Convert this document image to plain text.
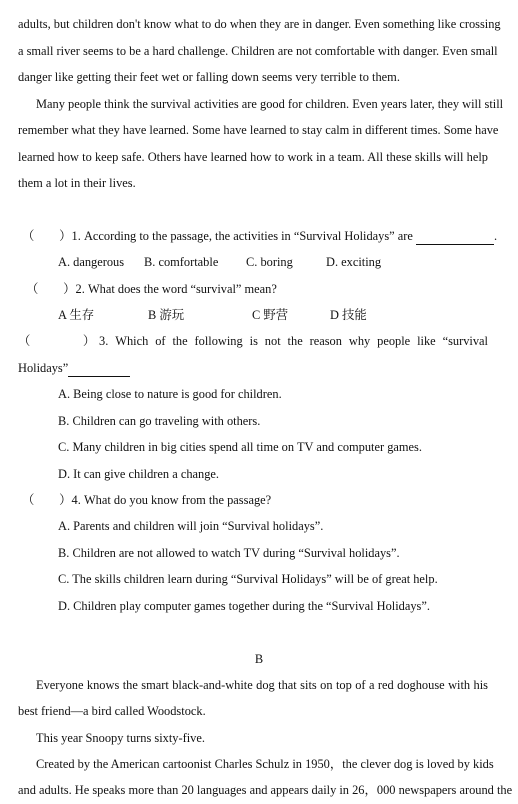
adults, but children don't know what to do when they are in danger. Even something like crossing
a small river seems to be a hard challenge. Children are not comfortable with danger. Even small
danger like getting their feet wet or falling down seems very terrible to them.
Many people think the survival activities are good for children. Even years later, they will still
remember what they have learned. Some have learned to stay calm in different times. Some have
learned how to keep safe. Others have learned how to work in a team. All these skills will help
them a lot in their lives.
（　　）1. According to the passage, the activities in “Survival Holidays” are	.
A. dangerous B. comfortable C. boring	D. exciting
（　　）2. What does the word “survival” mean?
A 生存	B 游玩	C 野营	D 技能
（　　　）3. Which of the following is not the reason why people like “survival
Holidays”
A. Being close to nature is good for children.
B. Children can go traveling with others.
C. Many children in big cities spend all time on TV and computer games.
D. It can give children a change.
（　　）4. What do you know from the passage?
A. Parents and children will join “Survival holidays”.
B. Children are not allowed to watch TV during “Survival holidays”.
C. The skills children learn during “Survival Holidays” will be of great help.
D. Children play computer games together during the “Survival Holidays”.
B
Everyone knows the smart black-and-white dog that sits on top of a red doghouse with his
best friend—a bird called Woodstock.
This year Snoopy turns sixty-five.
Created by the American cartoonist Charles Schulz in 1950，the clever dog is loved by kids
and adults. He speaks more than 20 languages and appears daily in 26，000 newspapers around the
